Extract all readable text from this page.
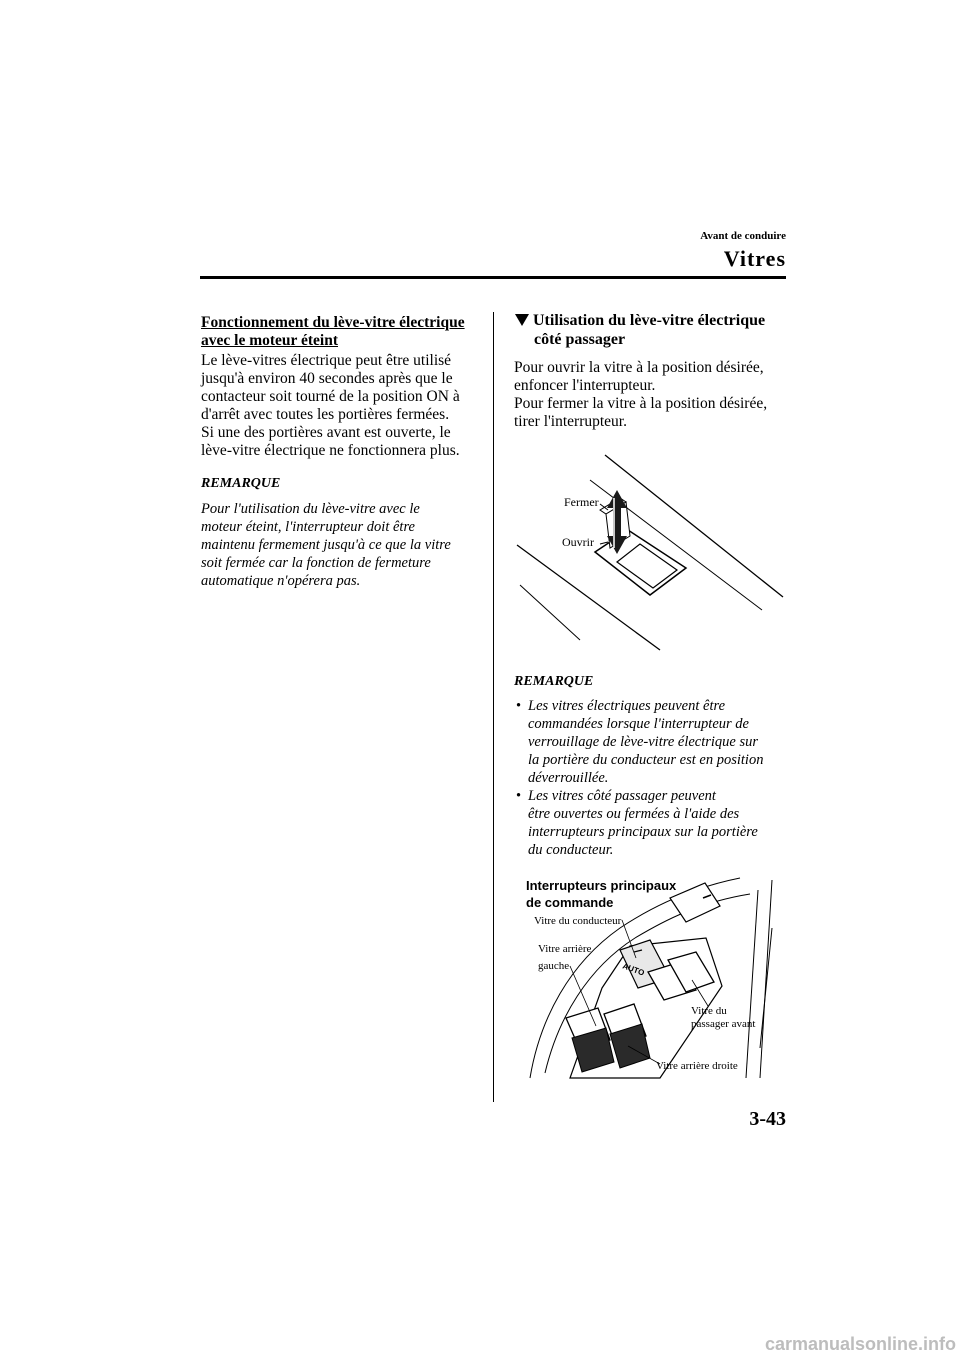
Avant de conduire
Vitres
Fonctionnement du lève-vitre électrique
avec le moteur éteint
Le lève-vitres électrique peut être utilisé
jusqu'à environ 40 secondes après que le
contacteur soit tourné de la position ON à
d'arrêt avec toutes les portières fermées.
Si une des portières avant est ouverte, le
lève-vitre électrique ne fonctionnera plus.
REMARQUE
Pour l'utilisation du lève-vitre avec le
moteur éteint, l'interrupteur doit être
maintenu fermement jusqu'à ce que la vitre
soit fermée car la fonction de fermeture
automatique n'opérera pas.
Utilisation du lève-vitre électrique
côté passager
Pour ouvrir la vitre à la position désirée,
enfoncer l'interrupteur.
Pour fermer la vitre à la position désirée,
tirer l'interrupteur.
Fermer
Ouvrir
REMARQUE
• Les vitres électriques peuvent être
commandées lorsque l'interrupteur de
verrouillage de lève-vitre électrique sur
la portière du conducteur est en position
déverrouillée.
• Les vitres côté passager peuvent
être ouvertes ou fermées à l'aide des
interrupteurs principaux sur la portière
du conducteur.
AUTO
Interrupteurs principaux
de commande
Vitre du conducteur
Vitre arrière
gauche
Vitre du
passager avant
Vitre arrière droite
3-43
carmanualsonline.info
